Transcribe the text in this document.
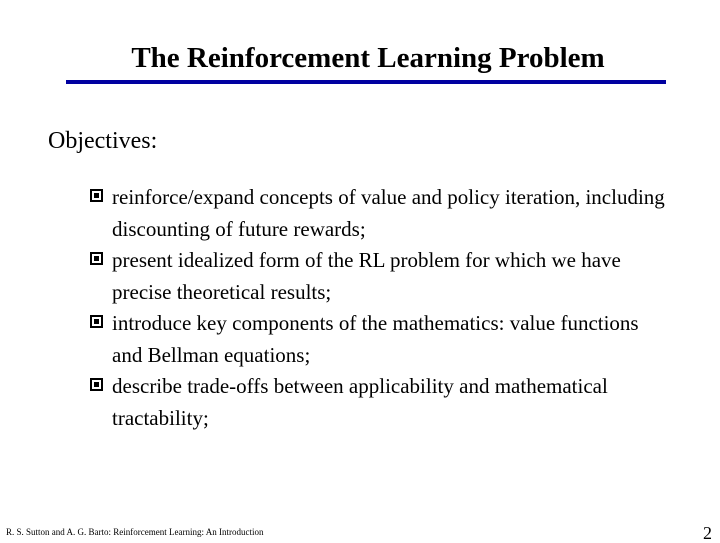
The Reinforcement Learning Problem
Objectives:
reinforce/expand concepts of value and policy iteration, including discounting of future rewards;
present idealized form of the RL problem for which we have precise theoretical results;
introduce key components of the mathematics: value functions and Bellman equations;
describe trade-offs between applicability and mathematical tractability;
R. S. Sutton and A. G. Barto: Reinforcement Learning: An Introduction	2
